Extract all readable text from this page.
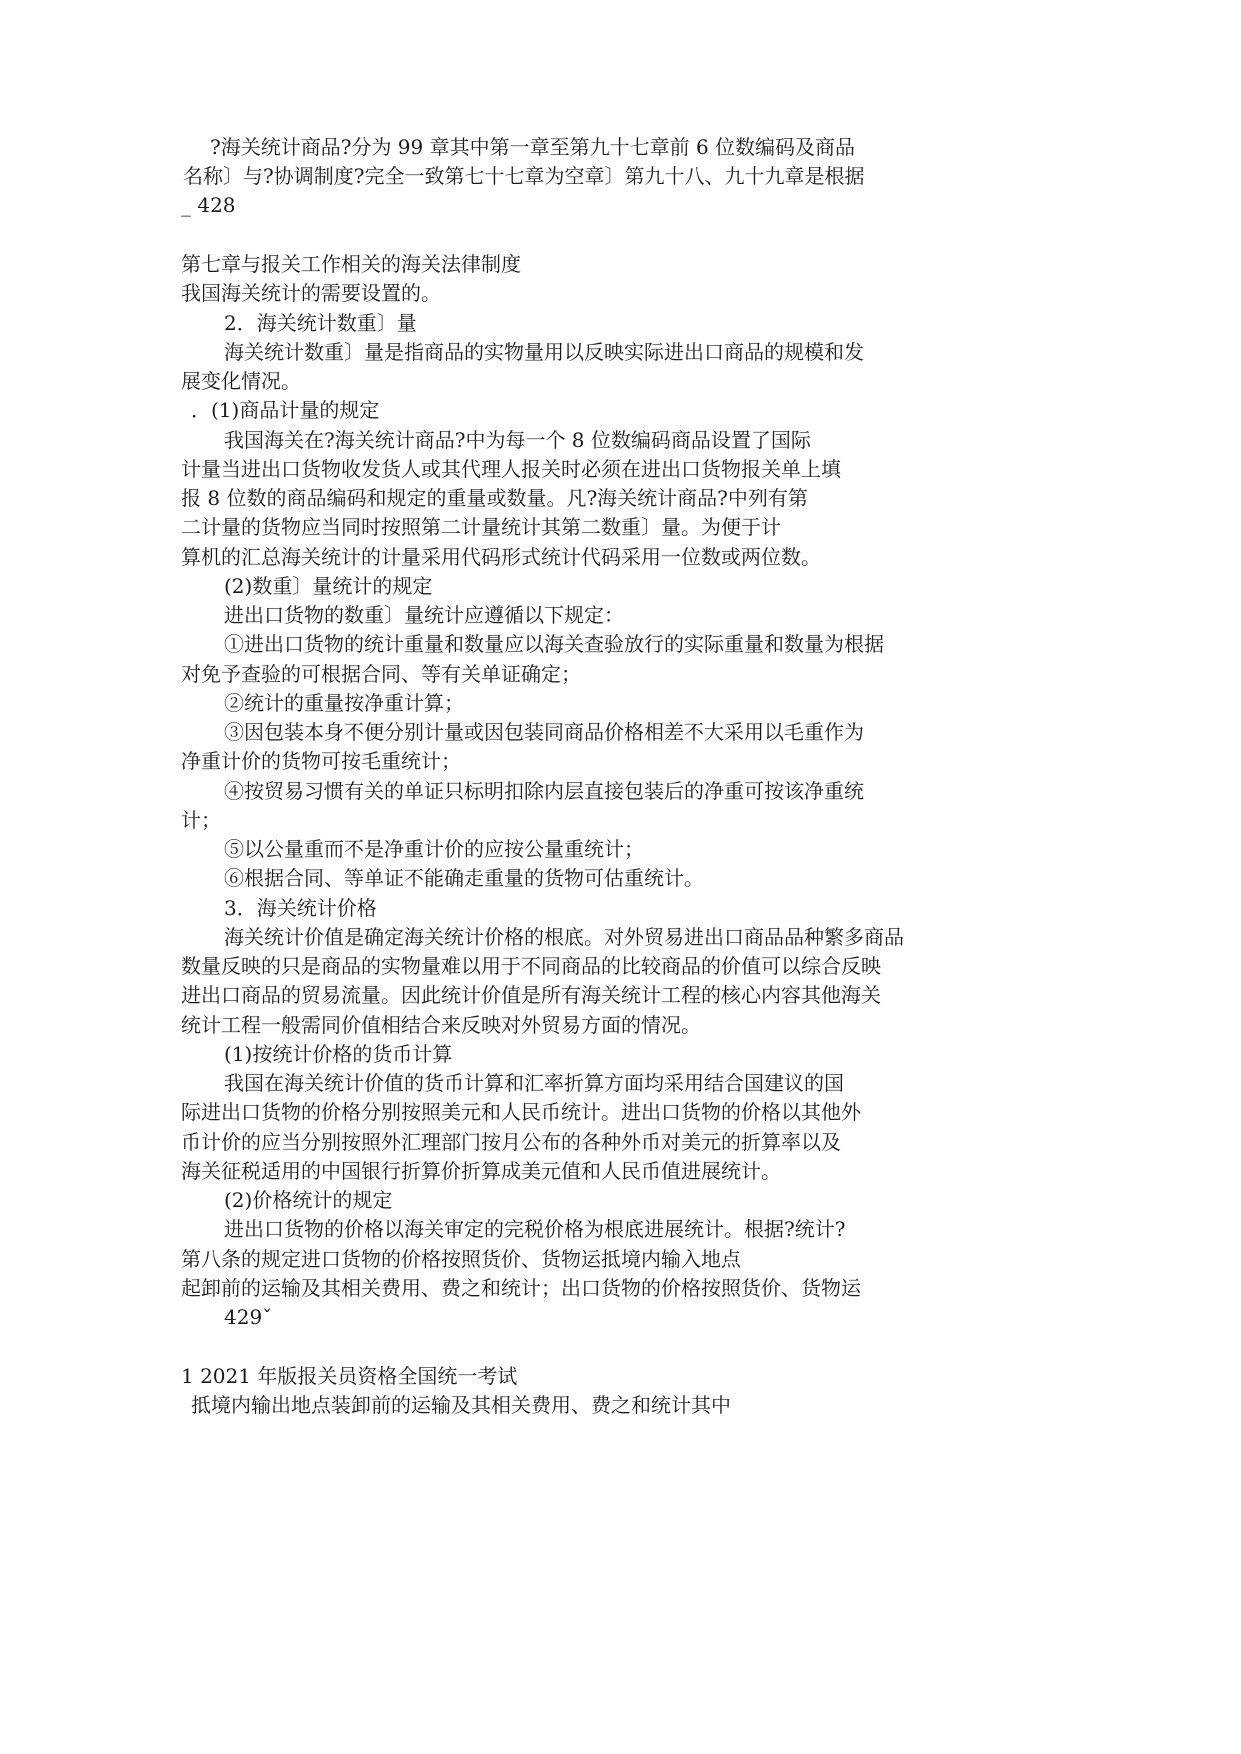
?海关统计商品?分为 99 章其中第一章至第九十七章前 6 位数编码及商品

名称〕与?协调制度?完全一致第七十七章为空章〕第九十八、九十九章是根据

_ 428

第七章与报关工作相关的海关法律制度

我国海关统计的需要设置的。

2．海关统计数重〕量

海关统计数重〕量是指商品的实物量用以反映实际进出口商品的规模和发

展变化情况。

．(1)商品计量的规定

我国海关在?海关统计商品?中为每一个 8 位数编码商品设置了国际

计量当进出口货物收发货人或其代理人报关时必须在进出口货物报关单上填

报 8 位数的商品编码和规定的重量或数量。凡?海关统计商品?中列有第

二计量的货物应当同时按照第二计量统计其第二数重〕量。为便于计

算机的汇总海关统计的计量采用代码形式统计代码采用一位数或两位数。

(2)数重〕量统计的规定

进出口货物的数重〕量统计应遵循以下规定：

①进出口货物的统计重量和数量应以海关查验放行的实际重量和数量为根据

对免予查验的可根据合同、等有关单证确定；

②统计的重量按净重计算；

③因包装本身不便分别计量或因包装同商品价格相差不大采用以毛重作为

净重计价的货物可按毛重统计；

④按贸易习惯有关的单证只标明扣除内层直接包装后的净重可按该净重统

计；

⑤以公量重而不是净重计价的应按公量重统计；

⑥根据合同、等单证不能确走重量的货物可估重统计。

3．海关统计价格

海关统计价值是确定海关统计价格的根底。对外贸易进出口商品品种繁多商品

数量反映的只是商品的实物量难以用于不同商品的比较商品的价值可以综合反映

进出口商品的贸易流量。因此统计价值是所有海关统计工程的核心内容其他海关

统计工程一般需同价值相结合来反映对外贸易方面的情况。

(1)按统计价格的货币计算

我国在海关统计价值的货币计算和汇率折算方面均采用结合国建议的国

际进出口货物的价格分别按照美元和人民币统计。进出口货物的价格以其他外

币计价的应当分别按照外汇理部门按月公布的各种外币对美元的折算率以及

海关征税适用的中国银行折算价折算成美元值和人民币值进展统计。

(2)价格统计的规定

进出口货物的价格以海关审定的完税价格为根底进展统计。根据?统计?

第八条的规定进口货物的价格按照货价、货物运抵境内输入地点

起卸前的运输及其相关费用、费之和统计；出口货物的价格按照货价、货物运

429ˇ

1 2021 年版报关员资格全国统一考试

抵境内输出地点装卸前的运输及其相关费用、费之和统计其中
